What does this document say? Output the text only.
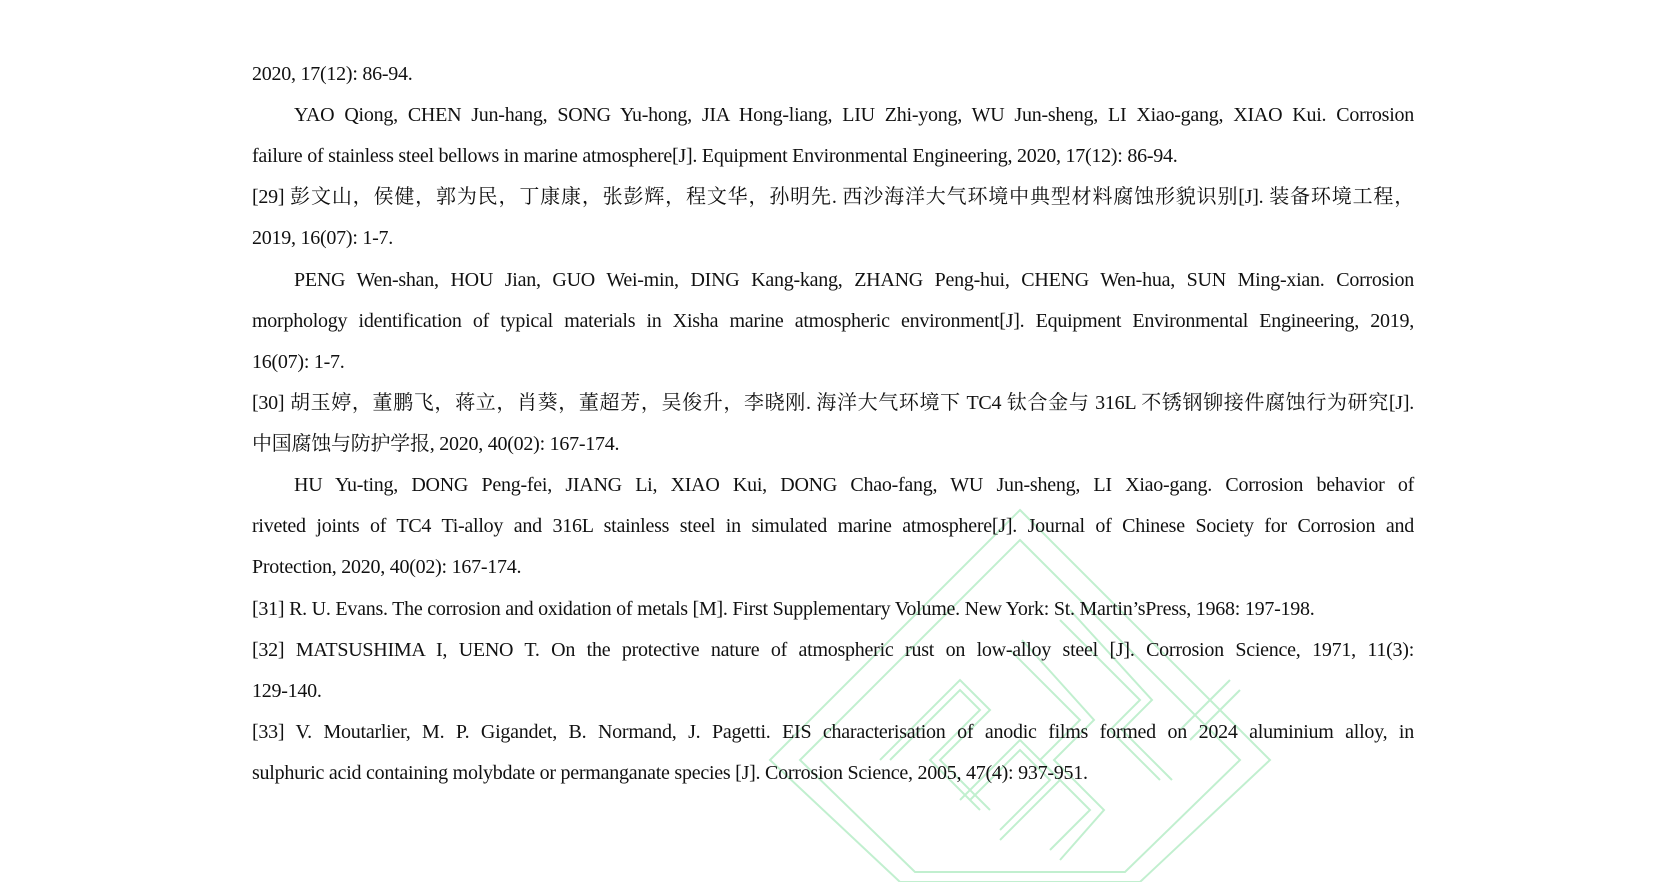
2020, 17(12): 86-94.
YAO Qiong, CHEN Jun-hang, SONG Yu-hong, JIA Hong-liang, LIU Zhi-yong, WU Jun-sheng, LI Xiao-gang, XIAO Kui. Corrosion
failure of stainless steel bellows in marine atmosphere[J]. Equipment Environmental Engineering, 2020, 17(12): 86-94.
[29] 彭文山，侯健，郭为民，丁康康，张彭辉，程文华，孙明先. 西沙海洋大气环境中典型材料腐蚀形貌识别[J]. 装备环境工程，
2019, 16(07): 1-7.
PENG Wen-shan, HOU Jian, GUO Wei-min, DING Kang-kang, ZHANG Peng-hui, CHENG Wen-hua, SUN Ming-xian. Corrosion
morphology identification of typical materials in Xisha marine atmospheric environment[J]. Equipment Environmental Engineering, 2019,
16(07): 1-7.
[30] 胡玉婷，董鹏飞，蒋立，肖葵，董超芳，吴俊升，李晓刚. 海洋大气环境下 TC4 钛合金与 316L 不锈钢铆接件腐蚀行为研究[J].
中国腐蚀与防护学报, 2020, 40(02): 167-174.
HU Yu-ting, DONG Peng-fei, JIANG Li, XIAO Kui, DONG Chao-fang, WU Jun-sheng, LI Xiao-gang. Corrosion behavior of
riveted joints of TC4 Ti-alloy and 316L stainless steel in simulated marine atmosphere[J]. Journal of Chinese Society for Corrosion and
Protection, 2020, 40(02): 167-174.
[31] R. U. Evans. The corrosion and oxidation of metals [M]. First Supplementary Volume. New York: St. Martin’sPress, 1968: 197-198.
[32] MATSUSHIMA I, UENO T. On the protective nature of atmospheric rust on low-alloy steel [J]. Corrosion Science, 1971, 11(3):
129-140.
[33] V. Moutarlier, M. P. Gigandet, B. Normand, J. Pagetti. EIS characterisation of anodic films formed on 2024 aluminium alloy, in
sulphuric acid containing molybdate or permanganate species [J]. Corrosion Science, 2005, 47(4): 937-951.
